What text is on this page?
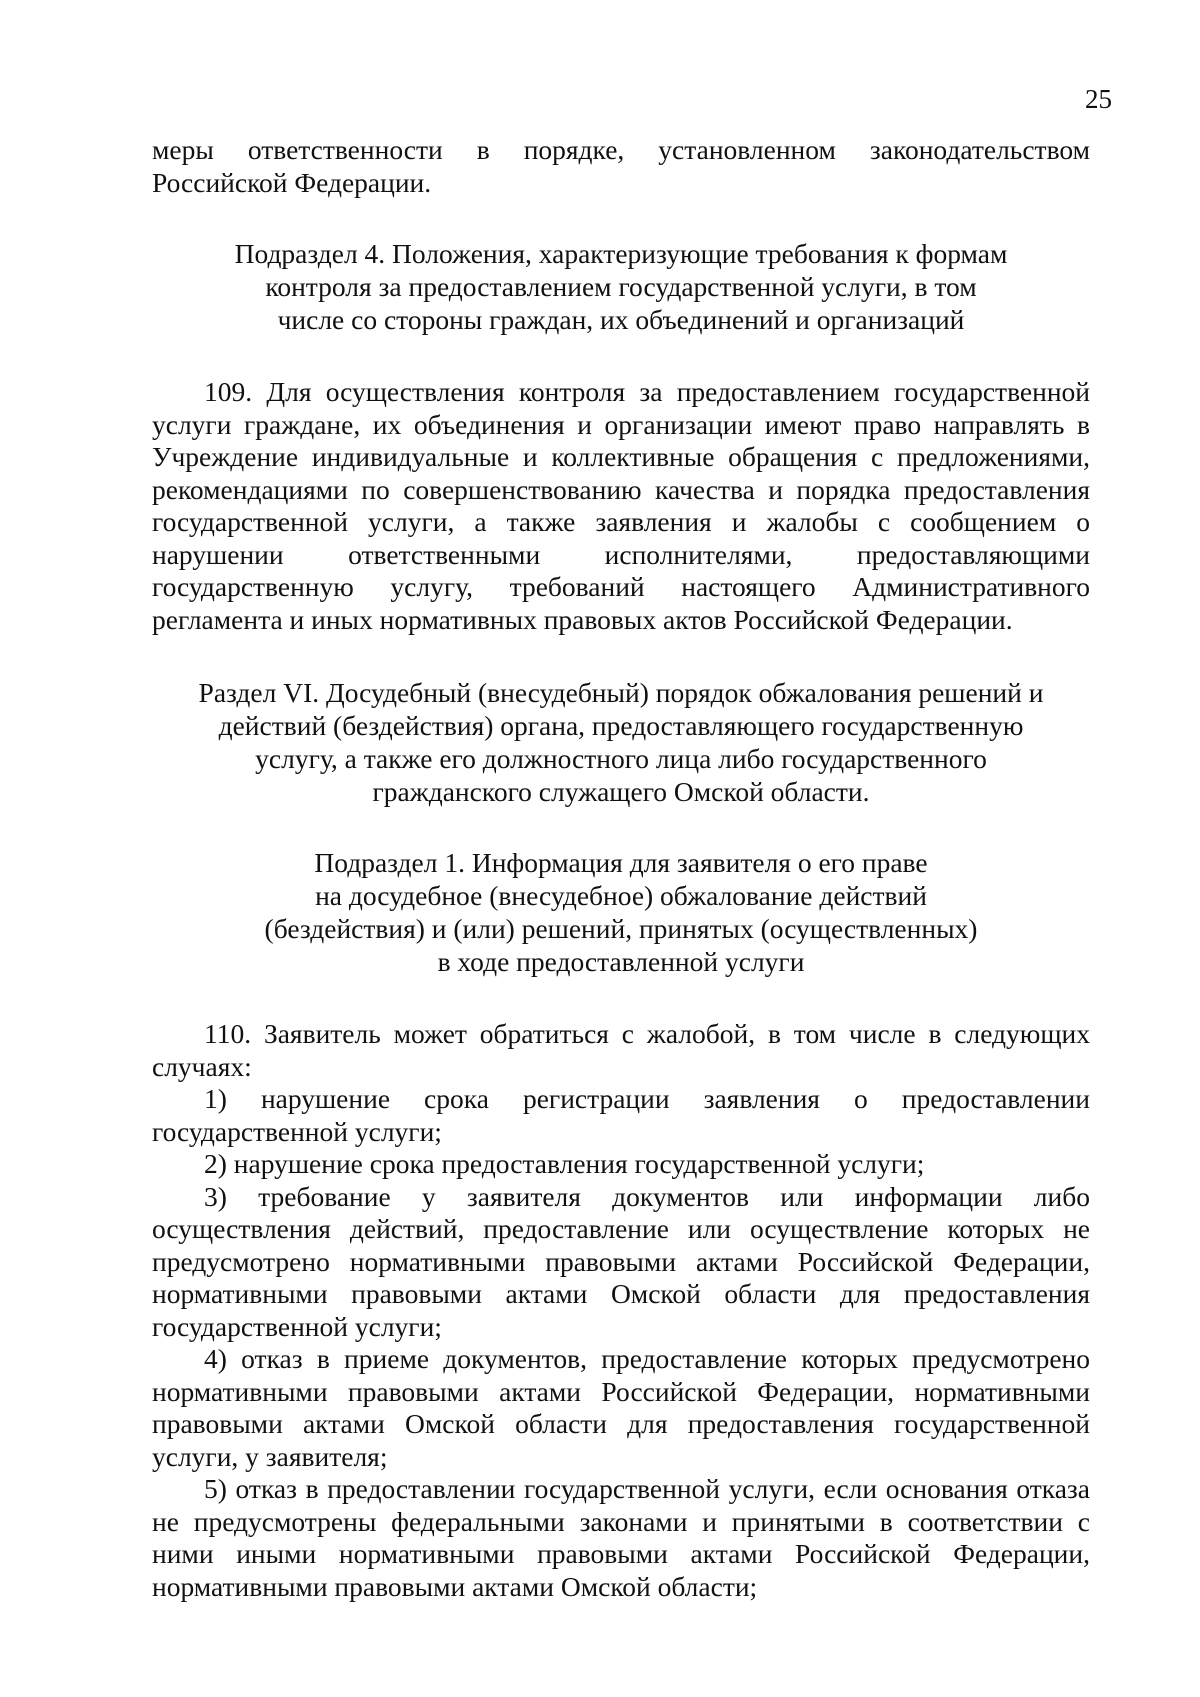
25

меры ответственности в порядке, установленном законодательством Российской Федерации.

Подраздел 4. Положения, характеризующие требования к формам
контроля за предоставлением государственной услуги, в том
числе со стороны граждан, их объединений и организаций

109. Для осуществления контроля за предоставлением государственной услуги граждане, их объединения и организации имеют право направлять в Учреждение индивидуальные и коллективные обращения с предложениями, рекомендациями по совершенствованию качества и порядка предоставления государственной услуги, а также заявления и жалобы с сообщением о нарушении ответственными исполнителями, предоставляющими государственную услугу, требований настоящего Административного регламента и иных нормативных правовых актов Российской Федерации.

Раздел VI. Досудебный (внесудебный) порядок обжалования решений и
действий (бездействия) органа, предоставляющего государственную
услугу, а также его должностного лица либо государственного
гражданского служащего Омской области.
Подраздел 1. Информация для заявителя о его праве
на досудебное (внесудебное) обжалование действий
(бездействия) и (или) решений, принятых (осуществленных)
в ходе предоставленной услуги

110. Заявитель может обратиться с жалобой, в том числе в следующих случаях:

1) нарушение срока регистрации заявления о предоставлении государственной услуги;

2) нарушение срока предоставления государственной услуги;

3) требование у заявителя документов или информации либо осуществления действий, предоставление или осуществление которых не предусмотрено нормативными правовыми актами Российской Федерации, нормативными правовыми актами Омской области для предоставления государственной услуги;

4) отказ в приеме документов, предоставление которых предусмотрено нормативными правовыми актами Российской Федерации, нормативными правовыми актами Омской области для предоставления государственной услуги, у заявителя;

5) отказ в предоставлении государственной услуги, если основания отказа не предусмотрены федеральными законами и принятыми в соответствии с ними иными нормативными правовыми актами Российской Федерации, нормативными правовыми актами Омской области;
